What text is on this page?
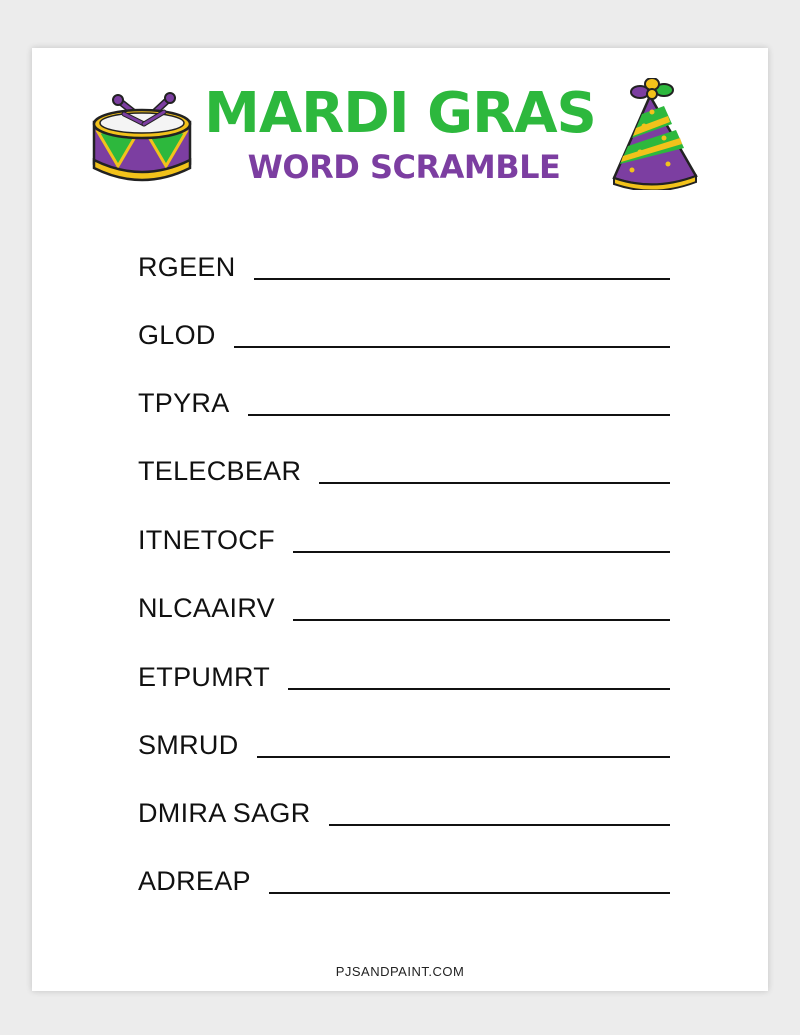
MARDI GRAS
WORD SCRAMBLE
RGEEN
GLOD
TPYRA
TELECBEAR
ITNETOCF
NLCAAIRV
ETPUMRT
SMRUD
DMIRA SAGR
ADREAP
PJSANDPAINT.COM
